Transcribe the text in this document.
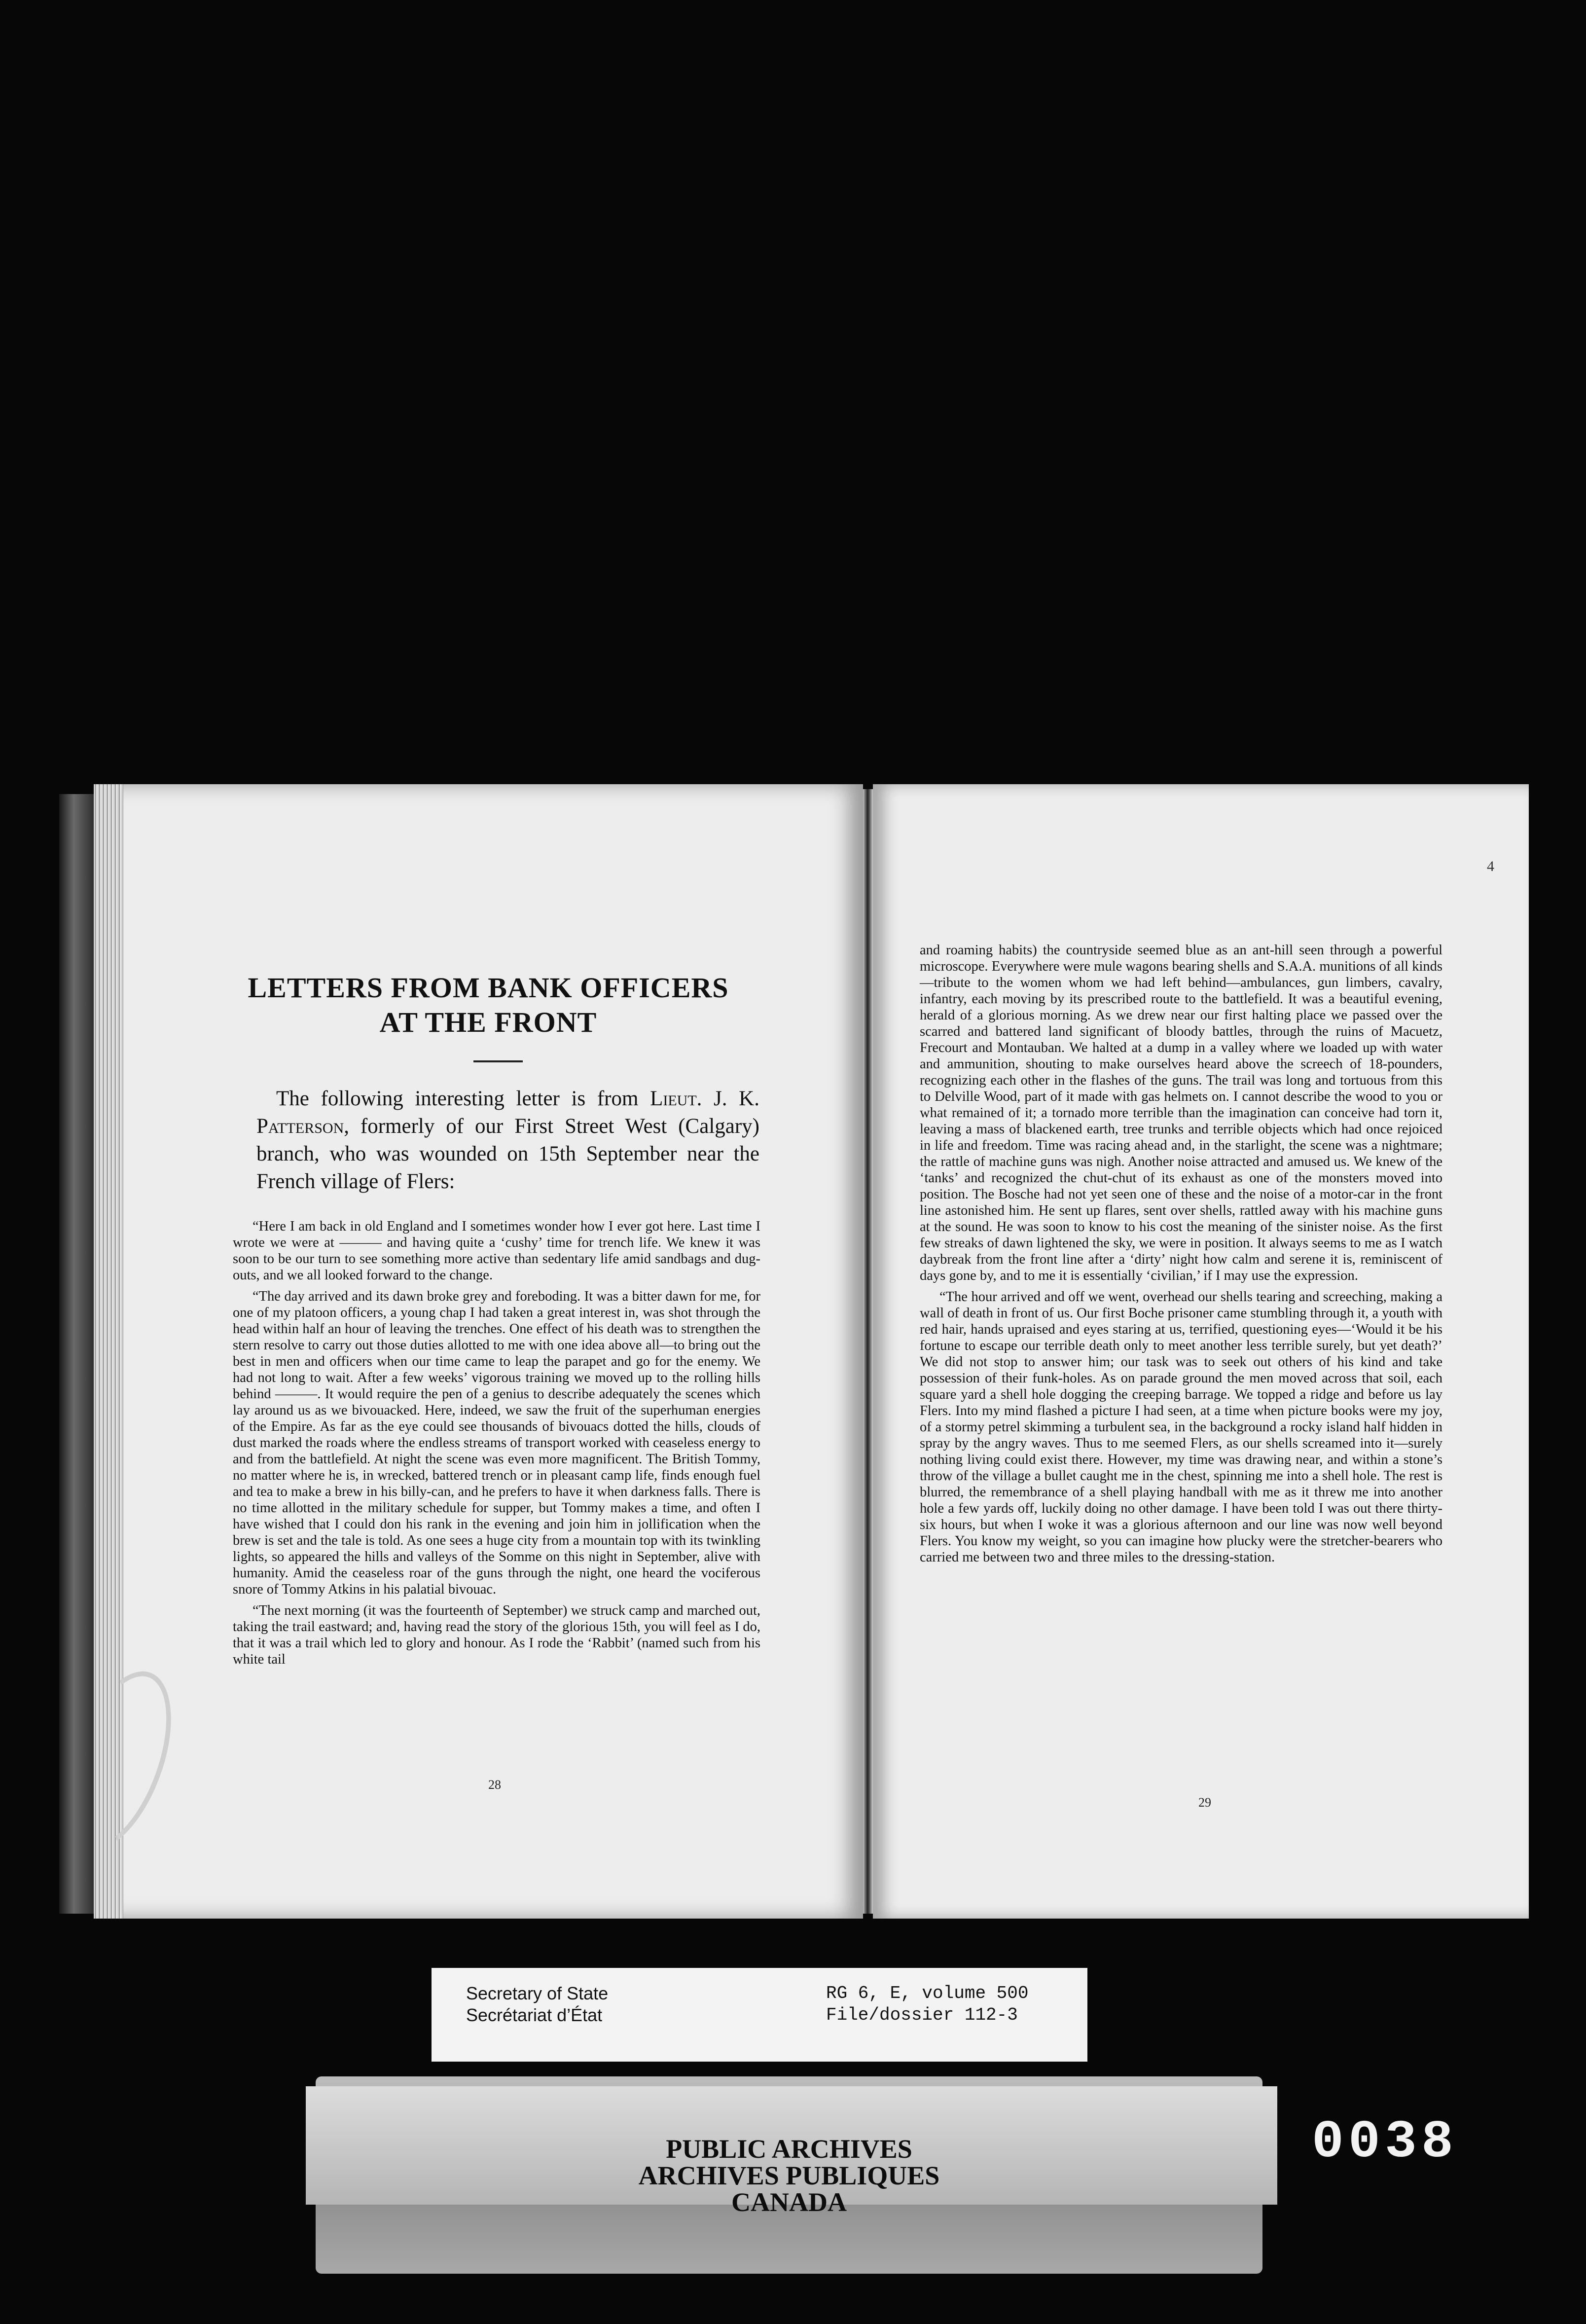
LETTERS FROM BANK OFFICERS
AT THE FRONT
The following interesting letter is from Lieut. J. K. Patterson, formerly of our First Street West (Calgary) branch, who was wounded on 15th September near the French village of Flers:

“Here I am back in old England and I sometimes wonder how I ever got here. Last time I wrote we were at ——— and having quite a ‘cushy’ time for trench life. We knew it was soon to be our turn to see something more active than sedentary life amid sandbags and dug-outs, and we all looked forward to the change.

“The day arrived and its dawn broke grey and foreboding. It was a bitter dawn for me, for one of my platoon officers, a young chap I had taken a great interest in, was shot through the head within half an hour of leaving the trenches. One effect of his death was to strengthen the stern resolve to carry out those duties allotted to me with one idea above all—to bring out the best in men and officers when our time came to leap the parapet and go for the enemy. We had not long to wait. After a few weeks’ vigorous training we moved up to the rolling hills behind ———. It would require the pen of a genius to describe adequately the scenes which lay around us as we bivouacked. Here, indeed, we saw the fruit of the superhuman energies of the Empire. As far as the eye could see thousands of bivouacs dotted the hills, clouds of dust marked the roads where the endless streams of transport worked with ceaseless energy to and from the battlefield. At night the scene was even more magnificent. The British Tommy, no matter where he is, in wrecked, battered trench or in pleasant camp life, finds enough fuel and tea to make a brew in his billy-can, and he prefers to have it when darkness falls. There is no time allotted in the military schedule for supper, but Tommy makes a time, and often I have wished that I could don his rank in the evening and join him in jollification when the brew is set and the tale is told. As one sees a huge city from a mountain top with its twinkling lights, so appeared the hills and valleys of the Somme on this night in September, alive with humanity. Amid the ceaseless roar of the guns through the night, one heard the vociferous snore of Tommy Atkins in his palatial bivouac.

“The next morning (it was the fourteenth of September) we struck camp and marched out, taking the trail eastward; and, having read the story of the glorious 15th, you will feel as I do, that it was a trail which led to glory and honour. As I rode the ‘Rabbit’ (named such from his white tail

28
4

and roaming habits) the countryside seemed blue as an ant-hill seen through a powerful microscope. Everywhere were mule wagons bearing shells and S.A.A. munitions of all kinds—tribute to the women whom we had left behind—ambulances, gun limbers, cavalry, infantry, each moving by its prescribed route to the battlefield. It was a beautiful evening, herald of a glorious morning. As we drew near our first halting place we passed over the scarred and battered land significant of bloody battles, through the ruins of Macuetz, Frecourt and Montauban. We halted at a dump in a valley where we loaded up with water and ammunition, shouting to make ourselves heard above the screech of 18-pounders, recognizing each other in the flashes of the guns. The trail was long and tortuous from this to Delville Wood, part of it made with gas helmets on. I cannot describe the wood to you or what remained of it; a tornado more terrible than the imagination can conceive had torn it, leaving a mass of blackened earth, tree trunks and terrible objects which had once rejoiced in life and freedom. Time was racing ahead and, in the starlight, the scene was a nightmare; the rattle of machine guns was nigh. Another noise attracted and amused us. We knew of the ‘tanks’ and recognized the chut-chut of its exhaust as one of the monsters moved into position. The Bosche had not yet seen one of these and the noise of a motor-car in the front line astonished him. He sent up flares, sent over shells, rattled away with his machine guns at the sound. He was soon to know to his cost the meaning of the sinister noise. As the first few streaks of dawn lightened the sky, we were in position. It always seems to me as I watch daybreak from the front line after a ‘dirty’ night how calm and serene it is, reminiscent of days gone by, and to me it is essentially ‘civilian,’ if I may use the expression.

“The hour arrived and off we went, overhead our shells tearing and screeching, making a wall of death in front of us. Our first Boche prisoner came stumbling through it, a youth with red hair, hands upraised and eyes staring at us, terrified, questioning eyes—‘Would it be his fortune to escape our terrible death only to meet another less terrible surely, but yet death?’ We did not stop to answer him; our task was to seek out others of his kind and take possession of their funk-holes. As on parade ground the men moved across that soil, each square yard a shell hole dogging the creeping barrage. We topped a ridge and before us lay Flers. Into my mind flashed a picture I had seen, at a time when picture books were my joy, of a stormy petrel skimming a turbulent sea, in the background a rocky island half hidden in spray by the angry waves. Thus to me seemed Flers, as our shells screamed into it—surely nothing living could exist there. However, my time was drawing near, and within a stone’s throw of the village a bullet caught me in the chest, spinning me into a shell hole. The rest is blurred, the remembrance of a shell playing handball with me as it threw me into another hole a few yards off, luckily doing no other damage. I have been told I was out there thirty-six hours, but when I woke it was a glorious afternoon and our line was now well beyond Flers. You know my weight, so you can imagine how plucky were the stretcher-bearers who carried me between two and three miles to the dressing-station.

29
Secretary of State
Secrétariat d’État
RG 6, E, volume 500
File/dossier 112-3
PUBLIC ARCHIVES
ARCHIVES PUBLIQUES
CANADA
0 0 3 8
